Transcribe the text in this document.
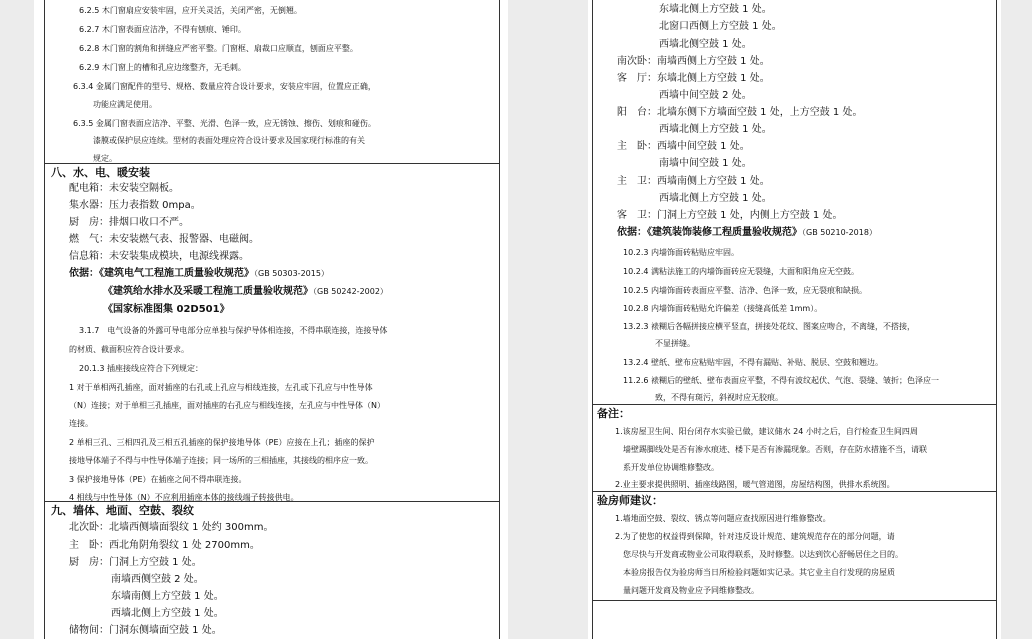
6.2.5 木门窗扇应安装牢固，应开关灵活，关闭严密，无倒翘。
6.2.7 木门窗表面应洁净，不得有刨痕、锤印。
6.2.8 木门窗的割角和拼缝应严密平整。门窗框、扇裁口应顺直，刨面应平整。
6.2.9 木门窗上的槽和孔应边缘整齐，无毛刺。
6.3.4 金属门窗配件的型号、规格、数量应符合设计要求，安装应牢固，位置应正确，
功能应满足使用。
6.3.5 金属门窗表面应洁净、平整、光滑、色泽一致，应无锈蚀、擦伤、划痕和碰伤。
漆膜或保护层应连续。型材的表面处理应符合设计要求及国家现行标准的有关
规定。
八、水、电、暖安装
配电箱：未安装空隔板。
集水器：压力表指数 0mpa。
厨　房：排烟口收口不严。
燃　气：未安装燃气表、报警器、电磁阀。
信息箱：未安装集成模块，电源线裸露。
依据：《建筑电气工程施工质量验收规范》（GB 50303-2015）
《建筑给水排水及采暖工程施工质量验收规范》（GB 50242-2002）
《国家标准图集 02D501》
3.1.7　电气设备的外露可导电部分应单独与保护导体相连接，不得串联连接，连接导体
的材质、截面积应符合设计要求。
20.1.3 插座接线应符合下列规定：
1 对于单相两孔插座，面对插座的右孔或上孔应与相线连接，左孔或下孔应与中性导体
（N）连接；对于单相三孔插座，面对插座的右孔应与相线连接，左孔应与中性导体（N）
连接。
2 单相三孔、三相四孔及三相五孔插座的保护接地导体（PE）应接在上孔；插座的保护
接地导体端子不得与中性导体端子连接；同一场所的三相插座，其接线的相序应一致。
3 保护接地导体（PE）在插座之间不得串联连接。
4 相线与中性导体（N）不应利用插座本体的接线端子转接供电。
九、墙体、地面、空鼓、裂纹
北次卧：北墙西侧墙面裂纹 1 处约 300mm。
主　卧：西北角阴角裂纹 1 处 2700mm。
厨　房：门洞上方空鼓 1 处。
南墙西侧空鼓 2 处。
东墙南侧上方空鼓 1 处。
西墙北侧上方空鼓 1 处。
储物间：门洞东侧墙面空鼓 1 处。
东墙北侧上方空鼓 1 处。
北窗口西侧上方空鼓 1 处。
西墙北侧空鼓 1 处。
南次卧：南墙西侧上方空鼓 1 处。
客　厅：东墙北侧上方空鼓 1 处。
西墙中间空鼓 2 处。
阳　台：北墙东侧下方墙面空鼓 1 处，上方空鼓 1 处。
西墙北侧上方空鼓 1 处。
主　卧：西墙中间空鼓 1 处。
南墙中间空鼓 1 处。
主　卫：西墙南侧上方空鼓 1 处。
西墙北侧上方空鼓 1 处。
客　卫：门洞上方空鼓 1 处，内侧上方空鼓 1 处。
依据：《建筑装饰装修工程质量验收规范》（GB 50210-2018）
10.2.3 内墙饰面砖粘贴应牢固。
10.2.4 满粘法施工的内墙饰面砖应无裂缝，大面和阳角应无空鼓。
10.2.5 内墙饰面砖表面应平整、洁净、色泽一致，应无裂痕和缺损。
10.2.8 内墙饰面砖粘贴允许偏差（接缝高低差 1mm）。
13.2.3 裱糊后各幅拼接应横平竖直，拼接处花纹、图案应吻合，不离缝，不搭接，
不显拼缝。
13.2.4 壁纸、壁布应粘贴牢固，不得有漏贴、补贴、脱层、空鼓和翘边。
11.2.6 裱糊后的壁纸、壁布表面应平整，不得有波纹起伏、气泡、裂缝、皱折；色泽应一
致，不得有斑污，斜视时应无胶痕。
备注：
1.该房屋卫生间、阳台闭存水实验已做，建议储水 24 小时之后，自行检查卫生间四周
墙壁踢脚线处是否有渗水痕迹、楼下是否有渗漏现象。否则，存在防水措施不当，请联
系开发单位协调维修整改。
2.业主要求提供照明、插座线路图，暖气管道图，房屋结构图，供排水系统图。
验房师建议：
1.墙地面空鼓、裂纹、锈点等问题应查找原因进行维修整改。
2.为了使您的权益得到保障，针对违反设计规范、建筑规范存在的部分问题，请
您尽快与开发商或物业公司取得联系，及时修整。以达到饮心舒畅居住之目的。
本验房报告仅为验房师当日所检验问题如实记录。其它业主自行发现的房屋质
量问题开发商及物业应予同维修整改。
